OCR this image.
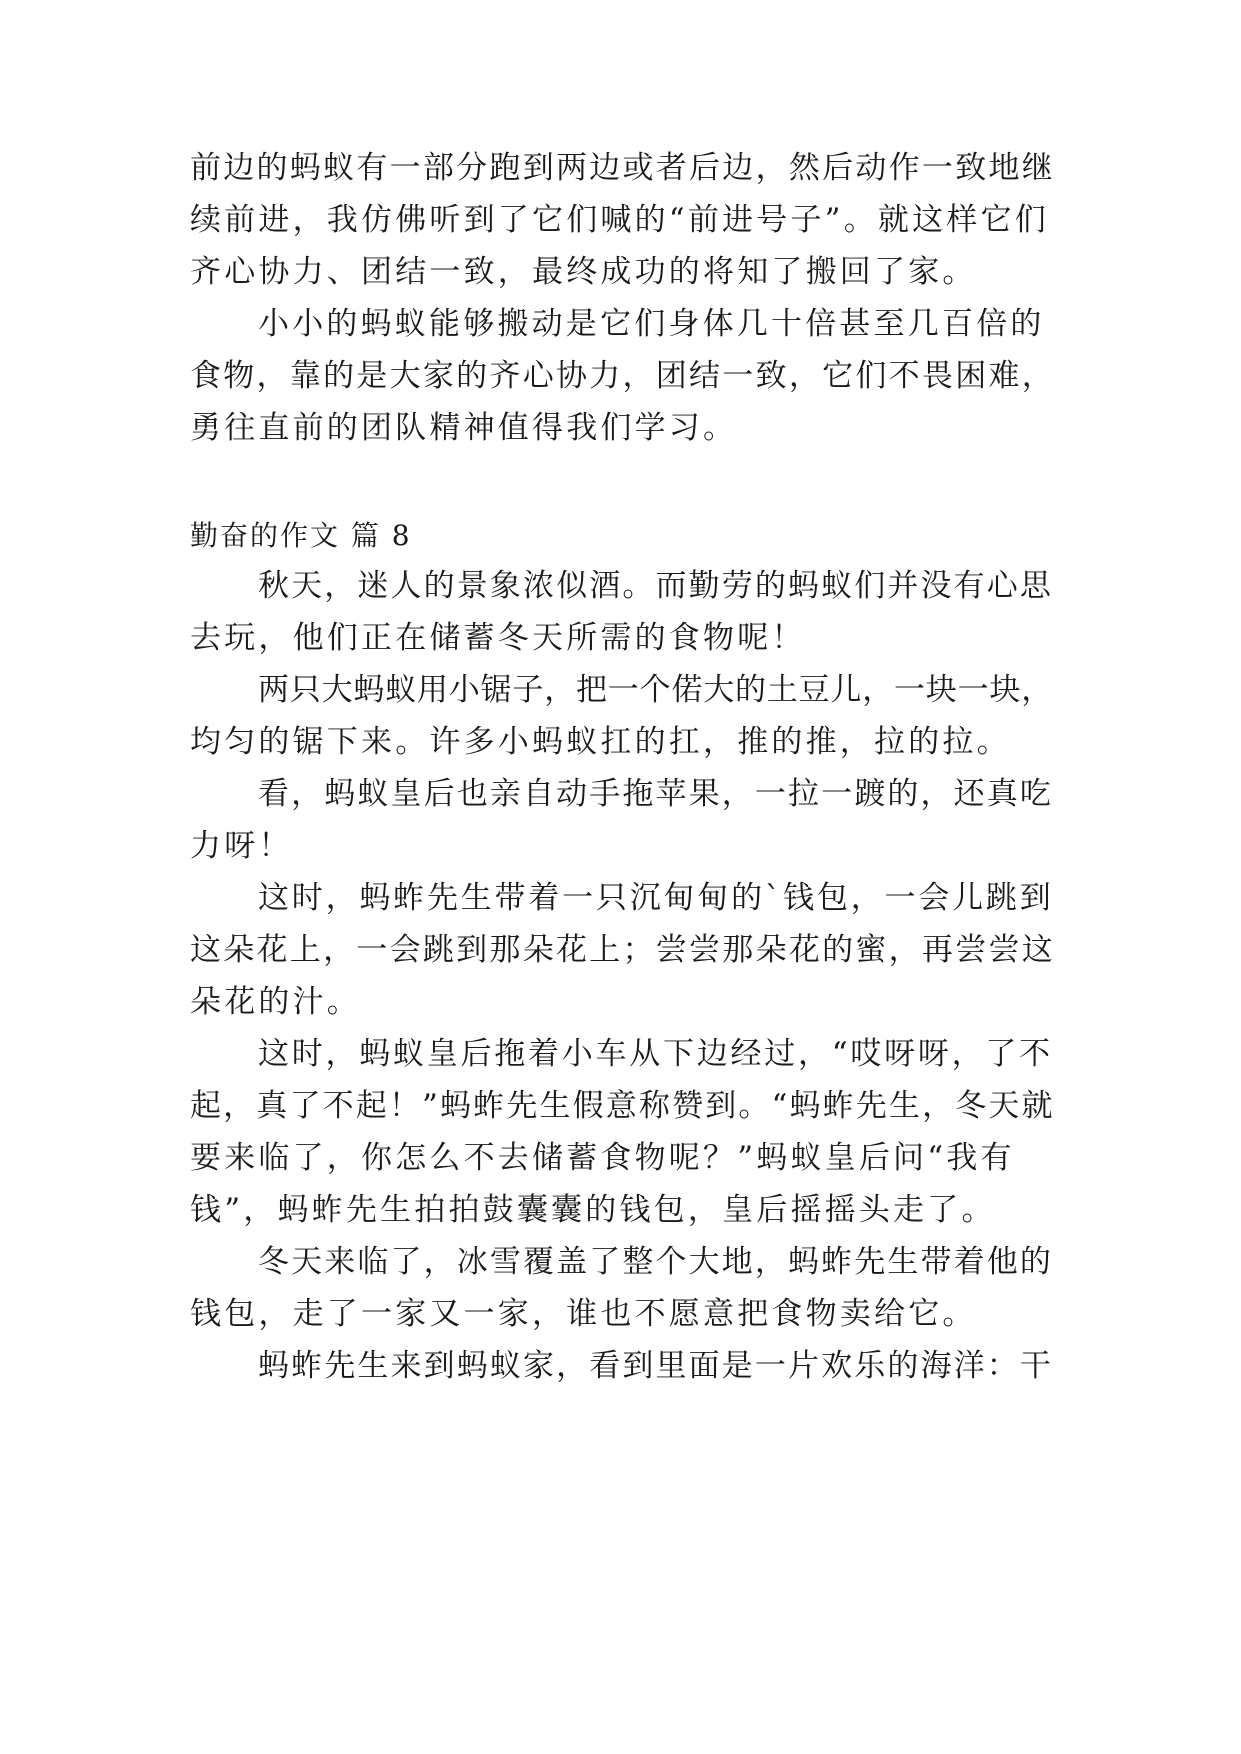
前边的蚂蚁有一部分跑到两边或者后边，然后动作一致地继
续前进，我仿佛听到了它们喊的“前进号子”。就这样它们
齐心协力、团结一致，最终成功的将知了搬回了家。
小小的蚂蚁能够搬动是它们身体几十倍甚至几百倍的
食物，靠的是大家的齐心协力，团结一致，它们不畏困难，
勇往直前的团队精神值得我们学习。
勤奋的作文 篇 8
秋天，迷人的景象浓似酒。而勤劳的蚂蚁们并没有心思
去玩，他们正在储蓄冬天所需的食物呢！
两只大蚂蚁用小锯子，把一个偌大的土豆儿，一块一块，
均匀的锯下来。许多小蚂蚁扛的扛，推的推，拉的拉。
看，蚂蚁皇后也亲自动手拖苹果，一拉一踱的，还真吃
力呀！
这时，蚂蚱先生带着一只沉甸甸的`钱包，一会儿跳到
这朵花上，一会跳到那朵花上；尝尝那朵花的蜜，再尝尝这
朵花的汁。
这时，蚂蚁皇后拖着小车从下边经过，“哎呀呀，了不
起，真了不起！”蚂蚱先生假意称赞到。“蚂蚱先生，冬天就
要来临了，你怎么不去储蓄食物呢？”蚂蚁皇后问“我有
钱”，蚂蚱先生拍拍鼓囊囊的钱包，皇后摇摇头走了。
冬天来临了，冰雪覆盖了整个大地，蚂蚱先生带着他的
钱包，走了一家又一家，谁也不愿意把食物卖给它。
蚂蚱先生来到蚂蚁家，看到里面是一片欢乐的海洋：干
